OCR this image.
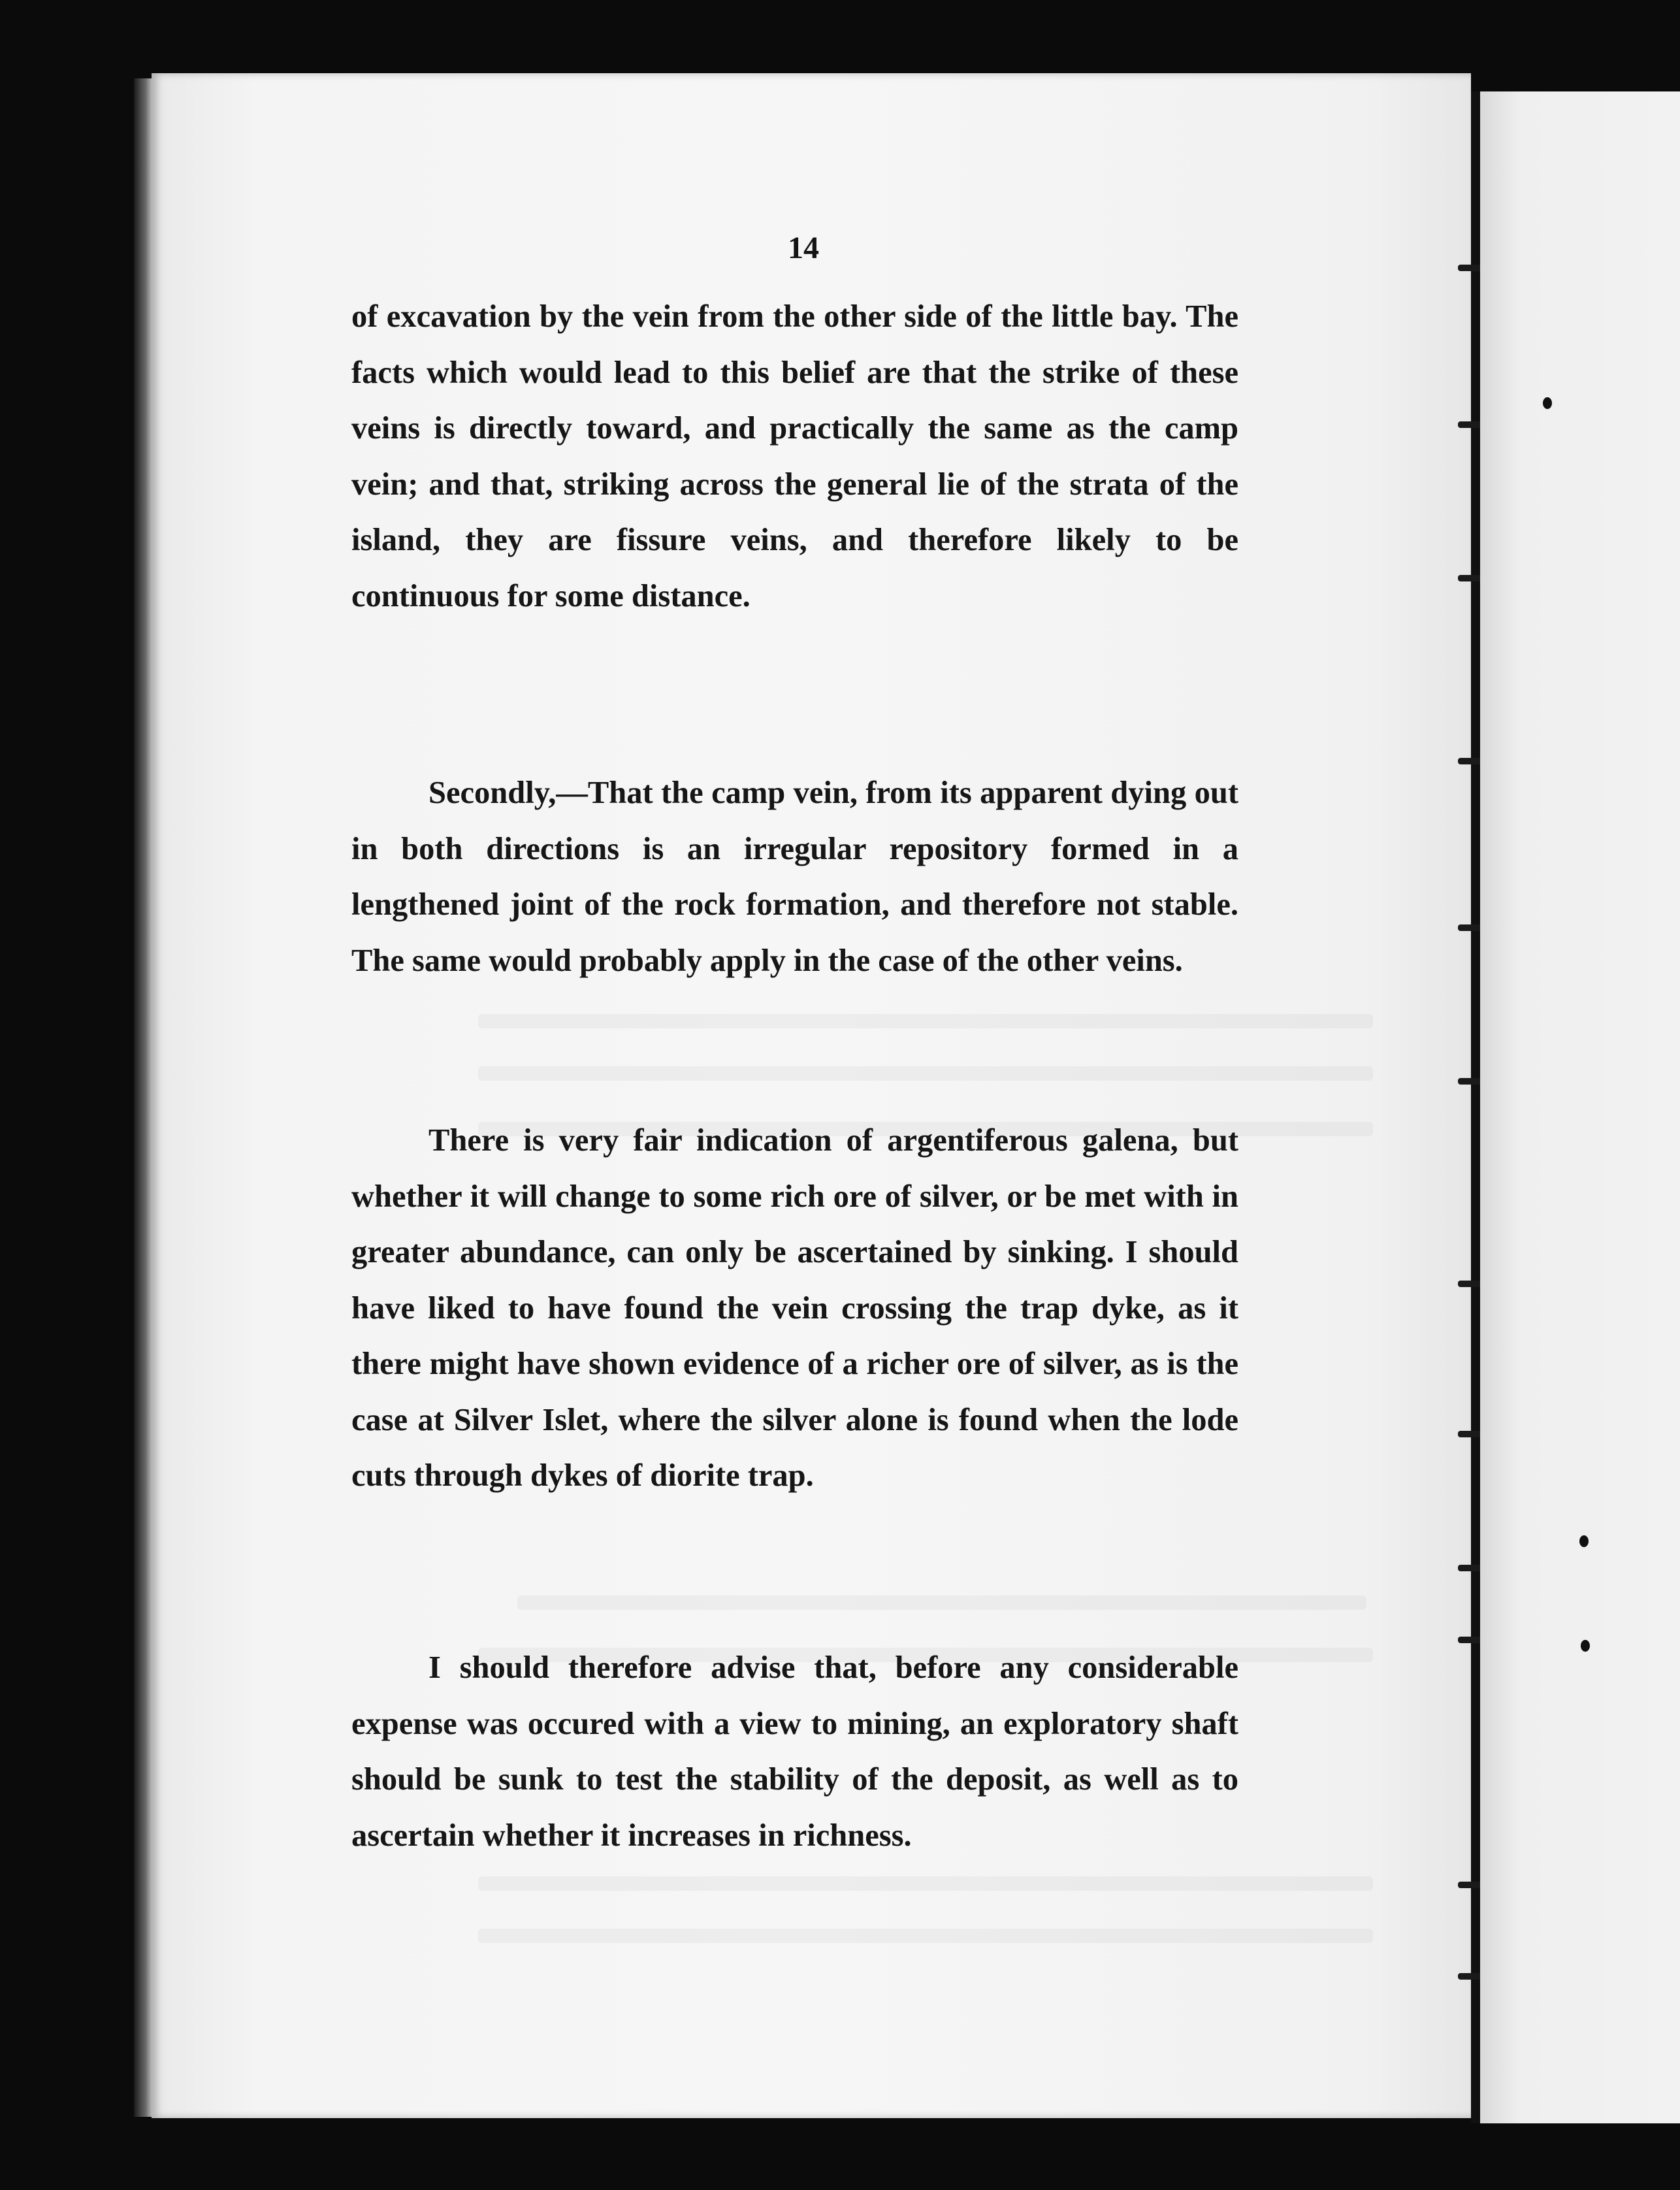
14

of excavation by the vein from the other side of the little bay. The facts which would lead to this belief are that the strike of these veins is directly toward, and practically the same as the camp vein; and that, striking across the general lie of the strata of the island, they are fissure veins, and therefore likely to be continuous for some distance.

Secondly,—That the camp vein, from its apparent dying out in both directions is an irregular repository formed in a lengthened joint of the rock formation, and therefore not stable. The same would probably apply in the case of the other veins.

There is very fair indication of argentiferous galena, but whether it will change to some rich ore of silver, or be met with in greater abundance, can only be ascertained by sinking. I should have liked to have found the vein crossing the trap dyke, as it there might have shown evidence of a richer ore of silver, as is the case at Silver Islet, where the silver alone is found when the lode cuts through dykes of diorite trap.

I should therefore advise that, before any considerable expense was occured with a view to mining, an exploratory shaft should be sunk to test the stability of the deposit, as well as to ascertain whether it increases in richness.
